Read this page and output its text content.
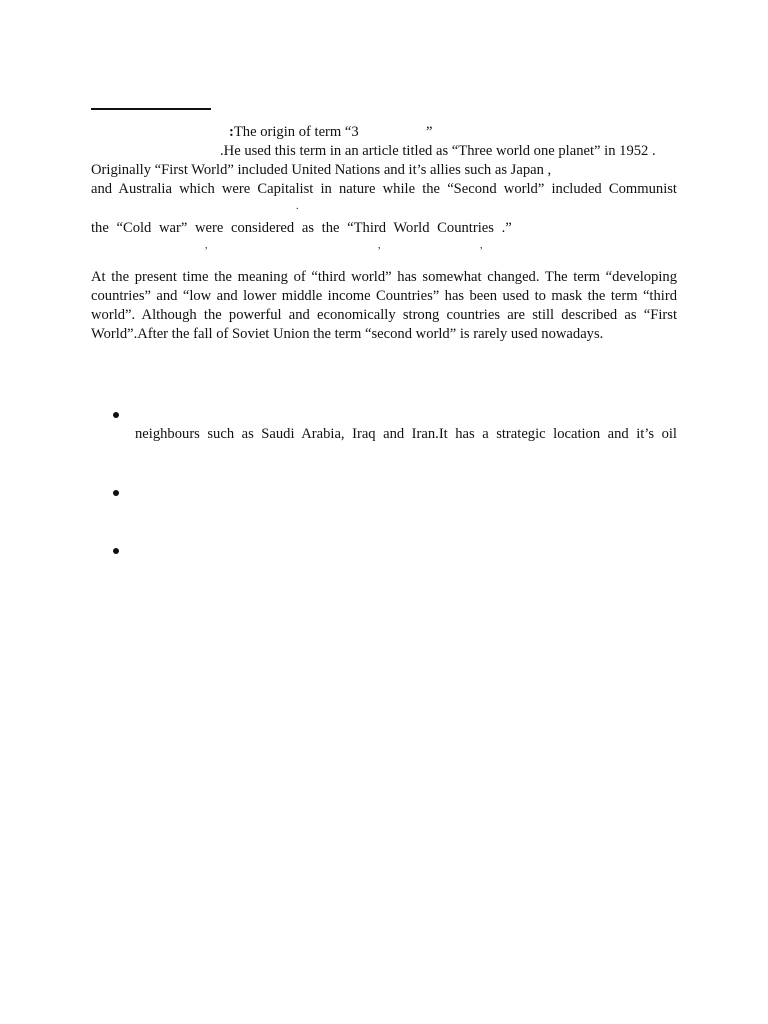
:The origin of term “3	”
.He used this term in an article titled as “Three world one planet” in 1952 .
Originally “First World” included United Nations and it’s allies such as Japan ,
and Australia which were Capitalist in nature while the “Second world” included Communist
.
the “Cold war” were considered as the “Third World Countries .”
,	,	,
At the present time the meaning of “third world” has somewhat changed. The term “developing
countries” and “low and lower middle income Countries” has been used to mask the term “third
world”. Although the powerful and economically strong countries are still described as “First
World”.After the fall of Soviet Union the term “second world” is rarely used nowadays.
neighbours such as Saudi Arabia, Iraq and Iran.It has a strategic location and it’s oil
